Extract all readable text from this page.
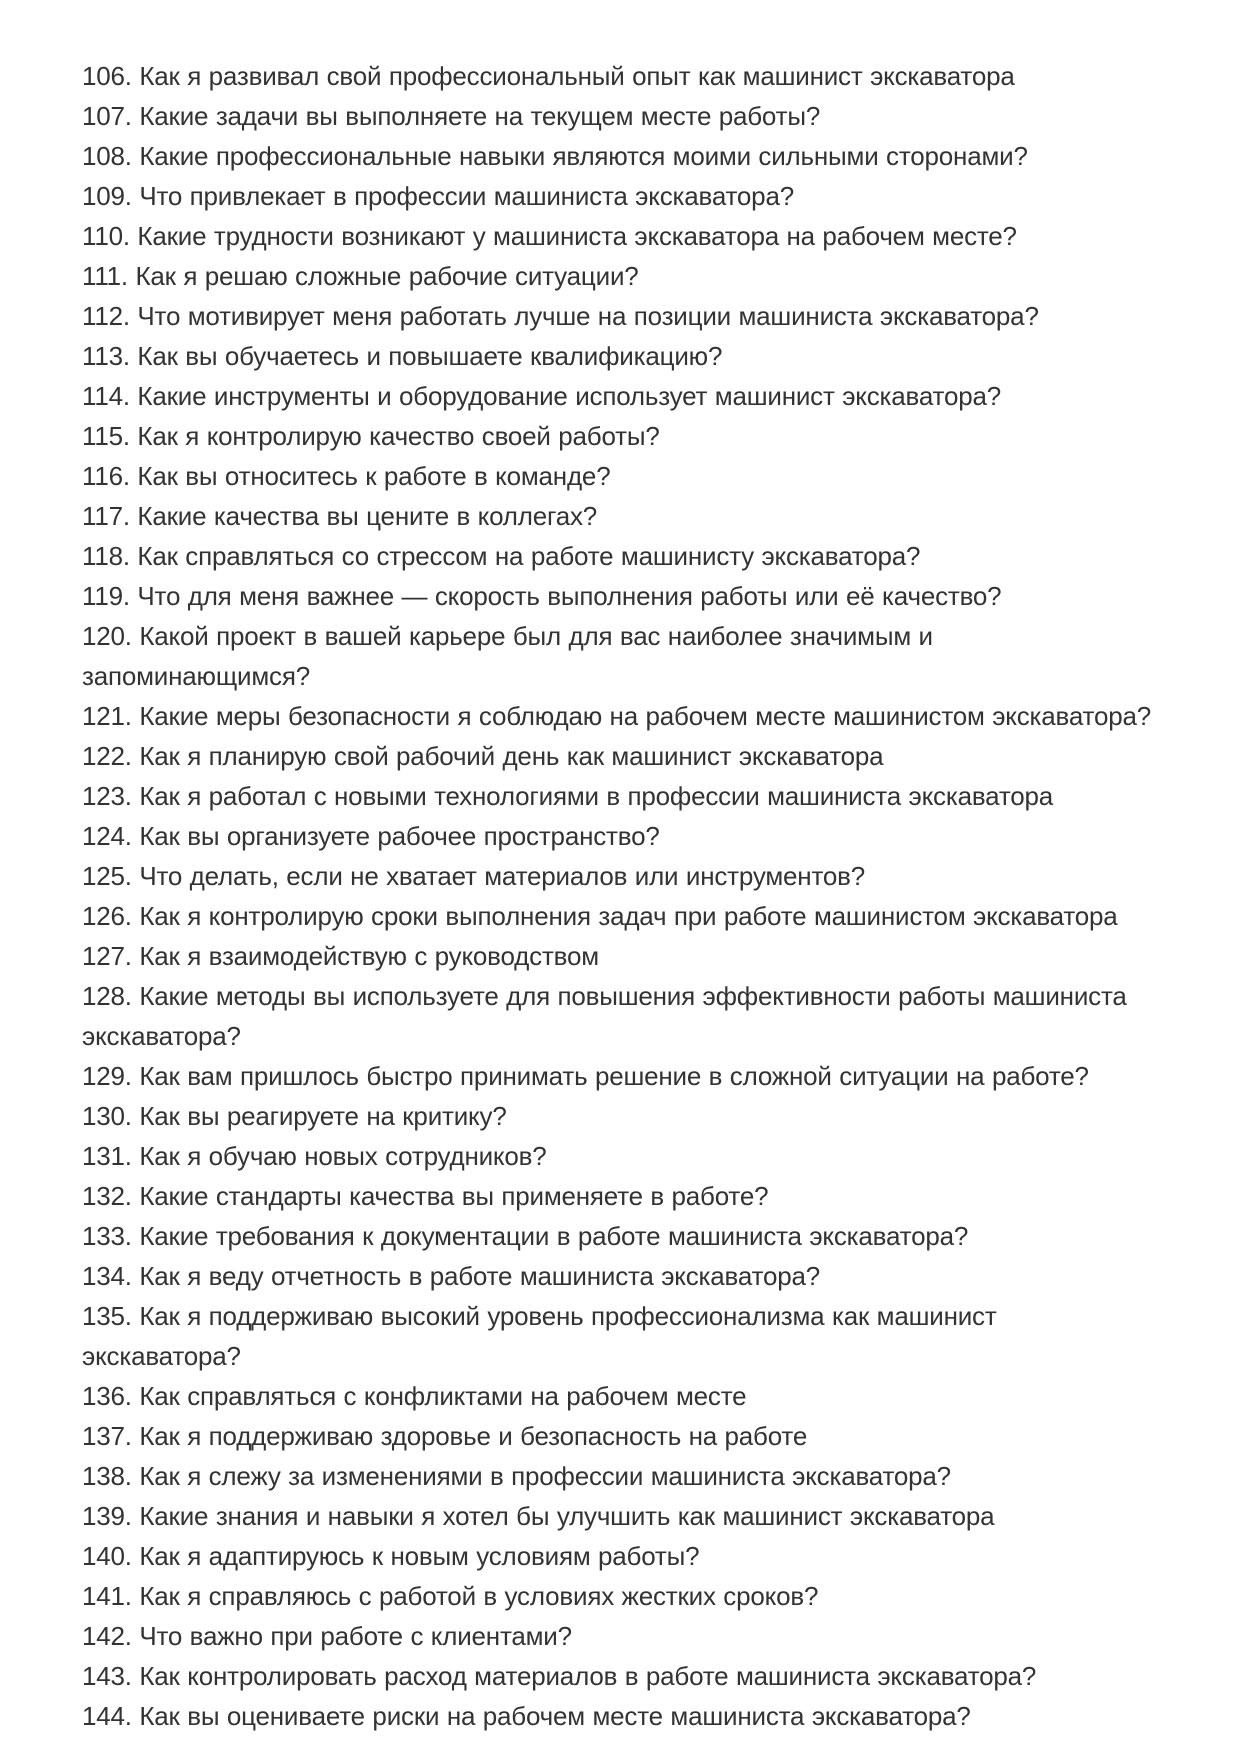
106. Как я развивал свой профессиональный опыт как машинист экскаватора

107. Какие задачи вы выполняете на текущем месте работы?

108. Какие профессиональные навыки являются моими сильными сторонами?

109. Что привлекает в профессии машиниста экскаватора?

110. Какие трудности возникают у машиниста экскаватора на рабочем месте?

111. Как я решаю сложные рабочие ситуации?

112. Что мотивирует меня работать лучше на позиции машиниста экскаватора?

113. Как вы обучаетесь и повышаете квалификацию?

114. Какие инструменты и оборудование использует машинист экскаватора?

115. Как я контролирую качество своей работы?

116. Как вы относитесь к работе в команде?

117. Какие качества вы цените в коллегах?

118. Как справляться со стрессом на работе машинисту экскаватора?

119. Что для меня важнее — скорость выполнения работы или её качество?

120. Какой проект в вашей карьере был для вас наиболее значимым и запоминающимся?

121. Какие меры безопасности я соблюдаю на рабочем месте машинистом экскаватора?

122. Как я планирую свой рабочий день как машинист экскаватора

123. Как я работал с новыми технологиями в профессии машиниста экскаватора

124. Как вы организуете рабочее пространство?

125. Что делать, если не хватает материалов или инструментов?

126. Как я контролирую сроки выполнения задач при работе машинистом экскаватора

127. Как я взаимодействую с руководством

128. Какие методы вы используете для повышения эффективности работы машиниста экскаватора?

129. Как вам пришлось быстро принимать решение в сложной ситуации на работе?

130. Как вы реагируете на критику?

131. Как я обучаю новых сотрудников?

132. Какие стандарты качества вы применяете в работе?

133. Какие требования к документации в работе машиниста экскаватора?

134. Как я веду отчетность в работе машиниста экскаватора?

135. Как я поддерживаю высокий уровень профессионализма как машинист экскаватора?

136. Как справляться с конфликтами на рабочем месте

137. Как я поддерживаю здоровье и безопасность на работе

138. Как я слежу за изменениями в профессии машиниста экскаватора?

139. Какие знания и навыки я хотел бы улучшить как машинист экскаватора

140. Как я адаптируюсь к новым условиям работы?

141. Как я справляюсь с работой в условиях жестких сроков?

142. Что важно при работе с клиентами?

143. Как контролировать расход материалов в работе машиниста экскаватора?

144. Как вы оцениваете риски на рабочем месте машиниста экскаватора?
